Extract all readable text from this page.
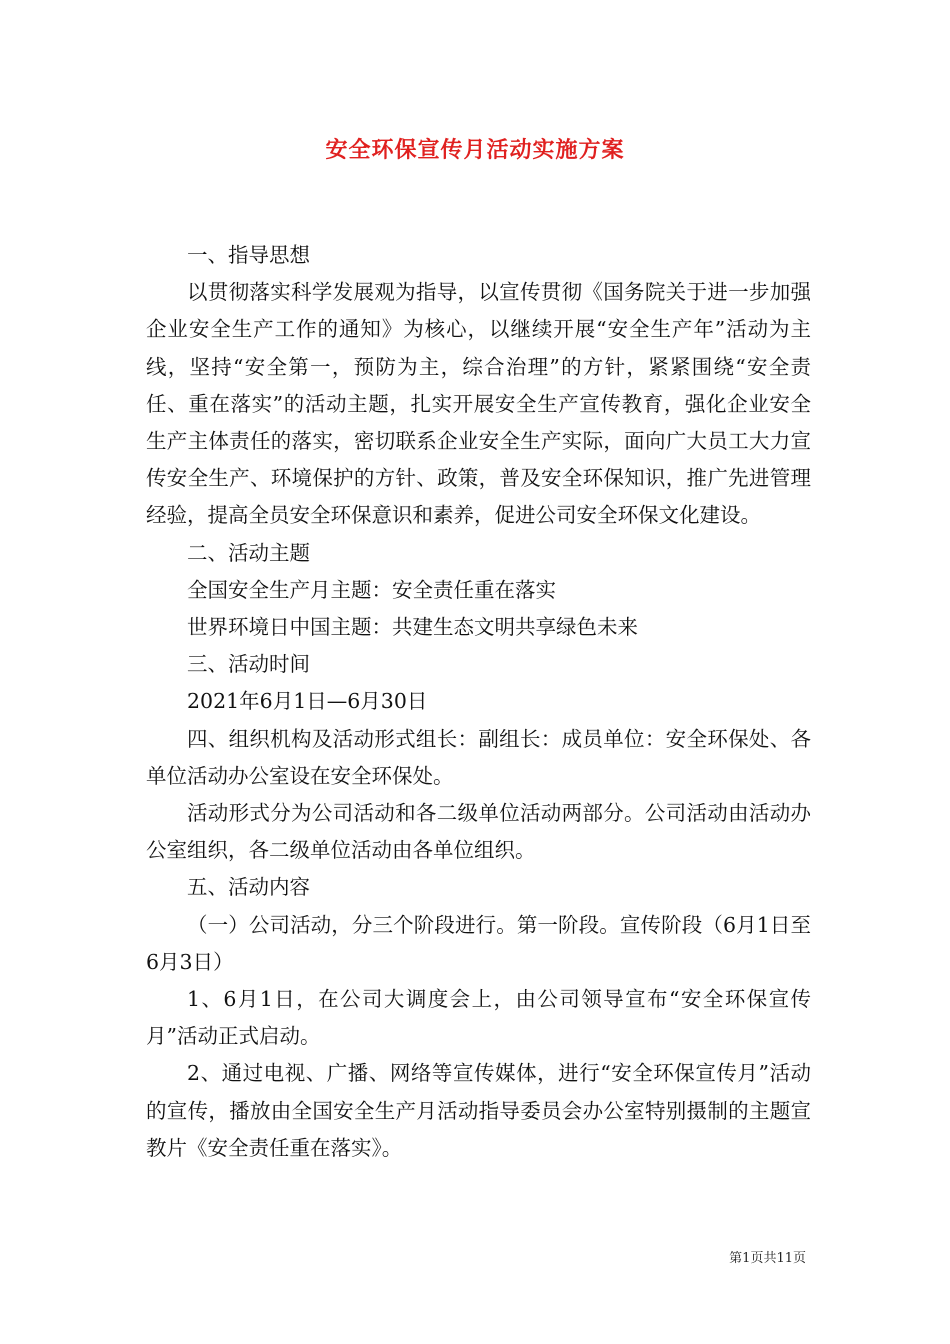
安全环保宣传月活动实施方案

一、指导思想

以贯彻落实科学发展观为指导，以宣传贯彻《国务院关于进一步加强企业安全生产工作的通知》为核心，以继续开展“安全生产年”活动为主线，坚持“安全第一，预防为主，综合治理”的方针，紧紧围绕“安全责任、重在落实”的活动主题，扎实开展安全生产宣传教育，强化企业安全生产主体责任的落实，密切联系企业安全生产实际，面向广大员工大力宣传安全生产、环境保护的方针、政策，普及安全环保知识，推广先进管理经验，提高全员安全环保意识和素养，促进公司安全环保文化建设。

二、活动主题

全国安全生产月主题：安全责任重在落实

世界环境日中国主题：共建生态文明共享绿色未来

三、活动时间

2021年6月1日—6月30日

四、组织机构及活动形式组长：副组长：成员单位：安全环保处、各单位活动办公室设在安全环保处。

活动形式分为公司活动和各二级单位活动两部分。公司活动由活动办公室组织，各二级单位活动由各单位组织。

五、活动内容

（一）公司活动，分三个阶段进行。第一阶段。宣传阶段（6月1日至6月3日）

1、6月1日，在公司大调度会上，由公司领导宣布“安全环保宣传月”活动正式启动。

2、通过电视、广播、网络等宣传媒体，进行“安全环保宣传月”活动的宣传，播放由全国安全生产月活动指导委员会办公室特别摄制的主题宣教片《安全责任重在落实》。

第1页共11页
